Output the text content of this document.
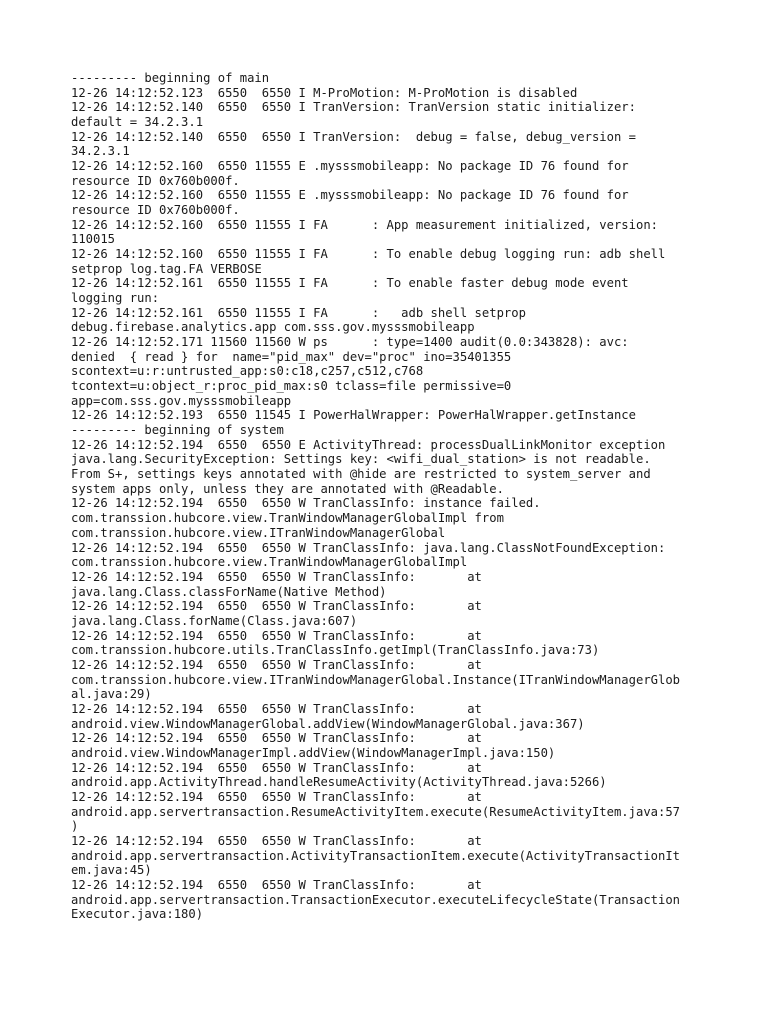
--------- beginning of main
12-26 14:12:52.123  6550  6550 I M-ProMotion: M-ProMotion is disabled
12-26 14:12:52.140  6550  6550 I TranVersion: TranVersion static initializer:
default = 34.2.3.1
12-26 14:12:52.140  6550  6550 I TranVersion:  debug = false, debug_version =
34.2.3.1
12-26 14:12:52.160  6550 11555 E .mysssmobileapp: No package ID 76 found for
resource ID 0x760b000f.
12-26 14:12:52.160  6550 11555 E .mysssmobileapp: No package ID 76 found for
resource ID 0x760b000f.
12-26 14:12:52.160  6550 11555 I FA      : App measurement initialized, version:
110015
12-26 14:12:52.160  6550 11555 I FA      : To enable debug logging run: adb shell
setprop log.tag.FA VERBOSE
12-26 14:12:52.161  6550 11555 I FA      : To enable faster debug mode event
logging run:
12-26 14:12:52.161  6550 11555 I FA      :   adb shell setprop
debug.firebase.analytics.app com.sss.gov.mysssmobileapp
12-26 14:12:52.171 11560 11560 W ps      : type=1400 audit(0.0:343828): avc:
denied  { read } for  name="pid_max" dev="proc" ino=35401355
scontext=u:r:untrusted_app:s0:c18,c257,c512,c768
tcontext=u:object_r:proc_pid_max:s0 tclass=file permissive=0
app=com.sss.gov.mysssmobileapp
12-26 14:12:52.193  6550 11545 I PowerHalWrapper: PowerHalWrapper.getInstance
--------- beginning of system
12-26 14:12:52.194  6550  6550 E ActivityThread: processDualLinkMonitor exception
java.lang.SecurityException: Settings key: <wifi_dual_station> is not readable.
From S+, settings keys annotated with @hide are restricted to system_server and
system apps only, unless they are annotated with @Readable.
12-26 14:12:52.194  6550  6550 W TranClassInfo: instance failed.
com.transsion.hubcore.view.TranWindowManagerGlobalImpl from
com.transsion.hubcore.view.ITranWindowManagerGlobal
12-26 14:12:52.194  6550  6550 W TranClassInfo: java.lang.ClassNotFoundException:
com.transsion.hubcore.view.TranWindowManagerGlobalImpl
12-26 14:12:52.194  6550  6550 W TranClassInfo:       at
java.lang.Class.classForName(Native Method)
12-26 14:12:52.194  6550  6550 W TranClassInfo:       at
java.lang.Class.forName(Class.java:607)
12-26 14:12:52.194  6550  6550 W TranClassInfo:       at
com.transsion.hubcore.utils.TranClassInfo.getImpl(TranClassInfo.java:73)
12-26 14:12:52.194  6550  6550 W TranClassInfo:       at
com.transsion.hubcore.view.ITranWindowManagerGlobal.Instance(ITranWindowManagerGlob
al.java:29)
12-26 14:12:52.194  6550  6550 W TranClassInfo:       at
android.view.WindowManagerGlobal.addView(WindowManagerGlobal.java:367)
12-26 14:12:52.194  6550  6550 W TranClassInfo:       at
android.view.WindowManagerImpl.addView(WindowManagerImpl.java:150)
12-26 14:12:52.194  6550  6550 W TranClassInfo:       at
android.app.ActivityThread.handleResumeActivity(ActivityThread.java:5266)
12-26 14:12:52.194  6550  6550 W TranClassInfo:       at
android.app.servertransaction.ResumeActivityItem.execute(ResumeActivityItem.java:57
)
12-26 14:12:52.194  6550  6550 W TranClassInfo:       at
android.app.servertransaction.ActivityTransactionItem.execute(ActivityTransactionIt
em.java:45)
12-26 14:12:52.194  6550  6550 W TranClassInfo:       at
android.app.servertransaction.TransactionExecutor.executeLifecycleState(Transaction
Executor.java:180)
